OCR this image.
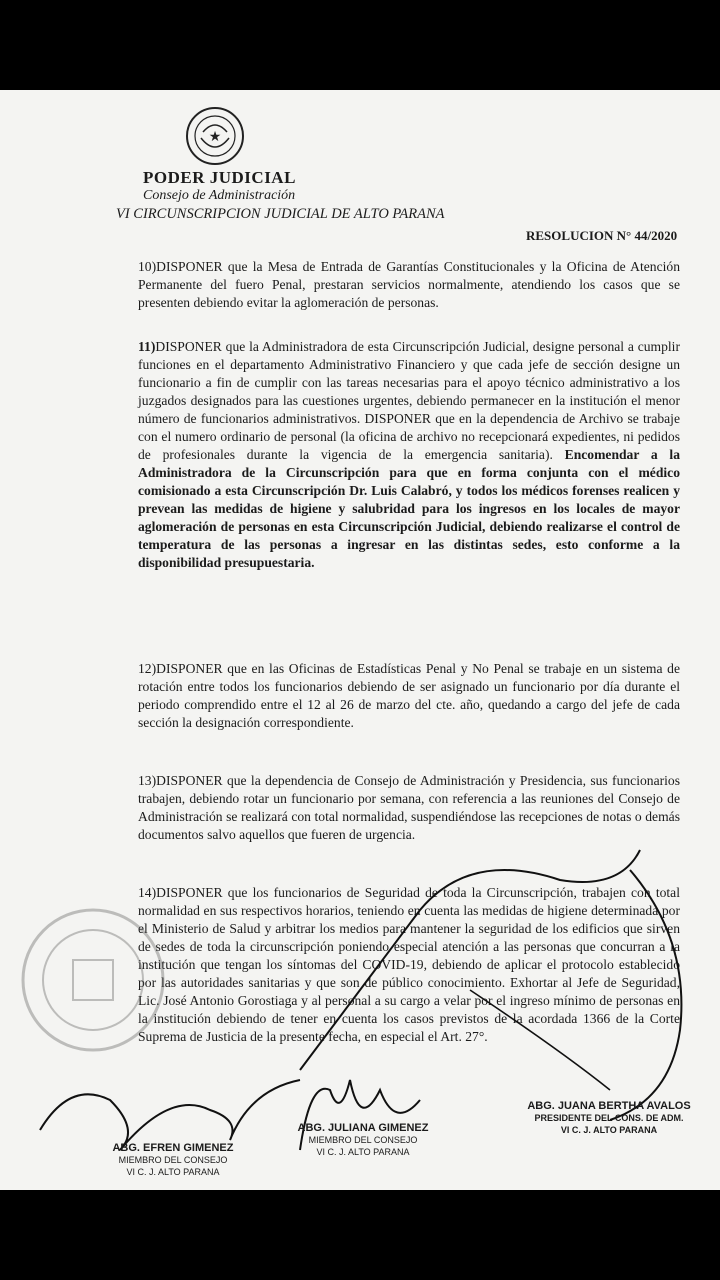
★
PODER JUDICIAL
Consejo de Administración
VI CIRCUNSCRIPCION JUDICIAL DE ALTO PARANA
RESOLUCION N° 44/2020

10)DISPONER que la Mesa de Entrada de Garantías Constitucionales y la Oficina de Atención Permanente del fuero Penal, prestaran servicios normalmente, atendiendo los casos que se presenten debiendo evitar la aglomeración de personas.

11)DISPONER que la Administradora de esta Circunscripción Judicial, designe personal a cumplir funciones en el departamento Administrativo Financiero y que cada jefe de sección designe un funcionario a fin de cumplir con las tareas necesarias para el apoyo técnico administrativo a los juzgados designados para las cuestiones urgentes, debiendo permanecer en la institución el menor número de funcionarios administrativos. DISPONER que en la dependencia de Archivo se trabaje con el numero ordinario de personal (la oficina de archivo no recepcionará expedientes, ni pedidos de profesionales durante la vigencia de la emergencia sanitaria). Encomendar a la Administradora de la Circunscripción para que en forma conjunta con el médico comisionado a esta Circunscripción Dr. Luis Calabró, y todos los médicos forenses realicen y prevean las medidas de higiene y salubridad para los ingresos en los locales de mayor aglomeración de personas en esta Circunscripción Judicial, debiendo realizarse el control de temperatura de las personas a ingresar en las distintas sedes, esto conforme a la disponibilidad presupuestaria.

12)DISPONER que en las Oficinas de Estadísticas Penal y No Penal se trabaje en un sistema de rotación entre todos los funcionarios debiendo de ser asignado un funcionario por día durante el periodo comprendido entre el 12 al 26 de marzo del cte. año, quedando a cargo del jefe de cada sección la designación correspondiente.

13)DISPONER que la dependencia de Consejo de Administración y Presidencia, sus funcionarios trabajen, debiendo rotar un funcionario por semana, con referencia a las reuniones del Consejo de Administración se realizará con total normalidad, suspendiéndose las recepciones de notas o demás documentos salvo aquellos que fueren de urgencia.

14)DISPONER que los funcionarios de Seguridad de toda la Circunscripción, trabajen con total normalidad en sus respectivos horarios, teniendo en cuenta las medidas de higiene determinada por el Ministerio de Salud y arbitrar los medios para mantener la seguridad de los edificios que sirven de sedes de toda la circunscripción poniendo especial atención a las personas que concurran a la institución que tengan los síntomas del COVID-19, debiendo de aplicar el protocolo establecido por las autoridades sanitarias y que son de público conocimiento. Exhortar al Jefe de Seguridad, Lic. José Antonio Gorostiaga y al personal a su cargo a velar por el ingreso mínimo de personas en la institución debiendo de tener en cuenta los casos previstos de la acordada 1366 de la Corte Suprema de Justicia de la presente fecha, en especial el Art. 27°.

ABG. EFREN GIMENEZ
MIEMBRO DEL CONSEJO
VI C. J. ALTO PARANA
ABG. JULIANA GIMENEZ
MIEMBRO DEL CONSEJO
VI C. J. ALTO PARANA
ABG. JUANA BERTHA AVALOS
PRESIDENTE DEL CONS. DE ADM.
VI C. J. ALTO PARANA
